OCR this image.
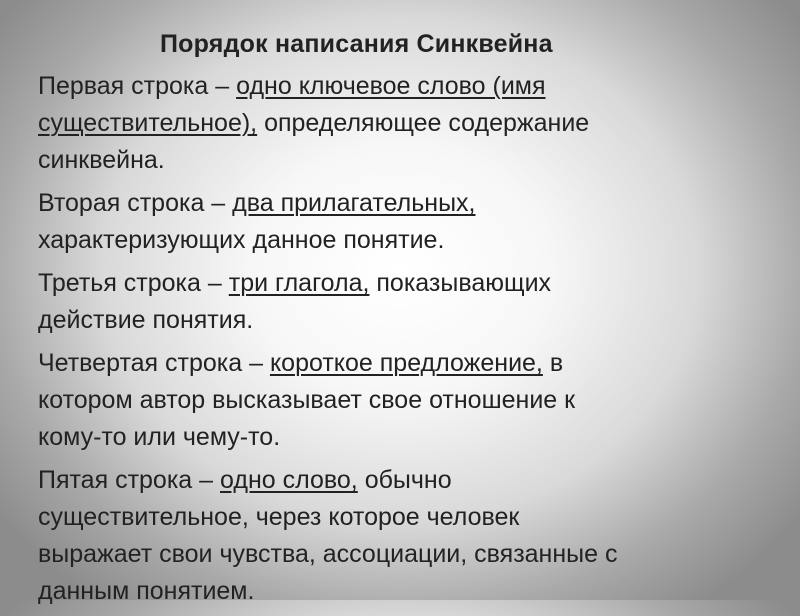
Порядок написания Синквейна
Первая строка – одно ключевое слово (имя
существительное), определяющее содержание
синквейна.
Вторая строка – два прилагательных,
характеризующих данное понятие.
Третья строка – три глагола, показывающих
действие понятия.
Четвертая строка – короткое предложение, в
котором автор высказывает свое отношение к
кому-то или чему-то.
Пятая строка – одно слово, обычно
существительное, через которое человек
выражает свои чувства, ассоциации, связанные с
данным понятием.
